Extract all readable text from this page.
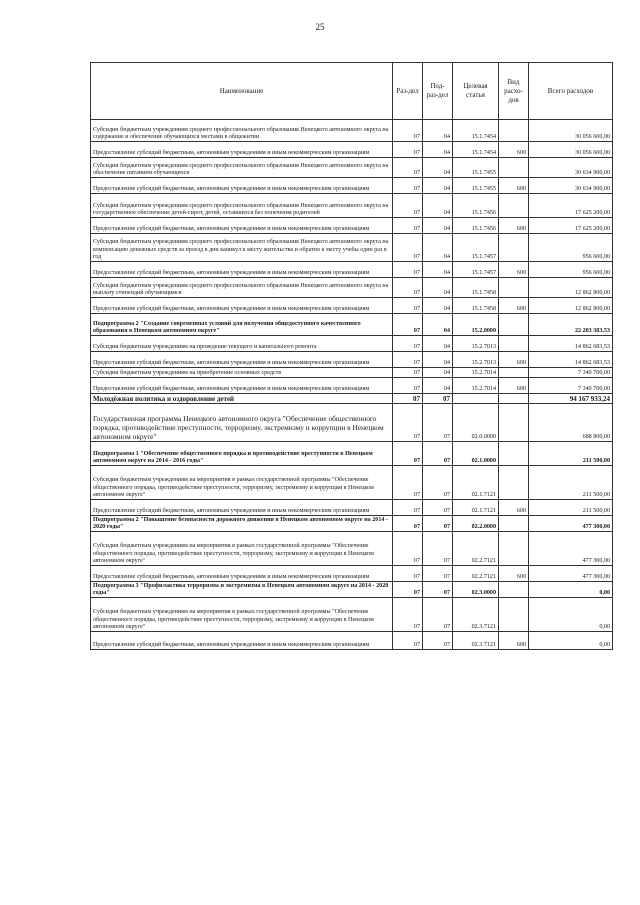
25
Наименование	Раз-дел	Под-раз-дел	Целевая статья	Вид расхо-дов	Всего расходов
Субсидии бюджетным учреждениям среднего профессионального образования Ненецкого автономного округа на содержание и обеспечение обучающихся местами в общежитии	07	04	15.1.7454		30 056 600,00
Предоставление субсидий бюджетным, автономным учреждениям и иным некоммерческим организациям	07	04	15.1.7454	600	30 056 600,00
Субсидии бюджетным учреждениям среднего профессионального образования Ненецкого автономного округа на обеспечение питанием обучающихся	07	04	15.1.7455		30 634 900,00
Предоставление субсидий бюджетным, автономным учреждениям и иным некоммерческим организациям	07	04	15.1.7455	600	30 634 900,00
Субсидии бюджетным учреждениям среднего профессионального образования Ненецкого автономного округа на государственное обеспечение детей-сирот, детей, оставшихся без попечения родителей	07	04	15.1.7456		17 625 200,00
Предоставление субсидий бюджетным, автономным учреждениям и иным некоммерческим организациям	07	04	15.1.7456	600	17 625 200,00
Субсидии бюджетным учреждениям среднего профессионального образования Ненецкого автономного округа на компенсацию денежных средств за проезд в дни каникул к месту жительства и обратно к месту учебы один раз в год	07	04	15.1.7457		956 600,00
Предоставление субсидий бюджетным, автономным учреждениям и иным некоммерческим организациям	07	04	15.1.7457	600	956 600,00
Субсидии бюджетным учреждениям среднего профессионального образования Ненецкого автономного округа на выплату стипендий обучающимся	07	04	15.1.7458		12 862 800,00
Предоставление субсидий бюджетным, автономным учреждениям и иным некоммерческим организациям	07	04	15.1.7458	600	12 862 800,00
Подпрограмма 2 "Создание современных условий для получения общедоступного качественного образования в Ненецком автономном округе"	07	04	15.2.0000		22 203 383,53
Субсидии бюджетным учреждениям на проведение текущего и капитального ремонта	07	04	15.2.7013		14 862 683,53
Предоставление субсидий бюджетным, автономным учреждениям и иным некоммерческим организациям	07	04	15.2.7013	600	14 862 683,53
Субсидии бюджетным учреждениям на приобретение основных средств	07	04	15.2.7014		7 340 700,00
Предоставление субсидий бюджетным, автономным учреждениям и иным некоммерческим организациям	07	04	15.2.7014	600	7 340 700,00
Молодёжная политика и оздоровление детей	07	07			94 167 933,24
Государственная программа Ненецкого автономного округа "Обеспечение общественного порядка, противодействие преступности, терроризму, экстремизму и коррупции в Ненецком автономном округе"	07	07	02.0.0000		688 800,00
Подпрограмма 1 "Обеспечение общественного порядка и противодействие преступности в Ненецком автономном округе на 2014 - 2016 годы"	07	07	02.1.0000		211 500,00
Субсидии бюджетным учреждениям на мероприятия в рамках государственной программы "Обеспечение общественного порядка, противодействие преступности, терроризму, экстремизму и коррупции в Ненецком автономном округе"	07	07	02.1.7121		211 500,00
Предоставление субсидий бюджетным, автономным учреждениям и иным некоммерческим организациям	07	07	02.1.7121	600	211 500,00
Подпрограмма 2 "Повышение безопасности дорожного движения в Ненецком автономном округе на 2014 - 2020 годы"	07	07	02.2.0000		477 300,00
Субсидии бюджетным учреждениям на мероприятия в рамках государственной программы "Обеспечение общественного порядка, противодействие преступности, терроризму, экстремизму и коррупции в Ненецком автономном округе"	07	07	02.2.7121		477 300,00
Предоставление субсидий бюджетным, автономным учреждениям и иным некоммерческим организациям	07	07	02.2.7121	600	477 300,00
Подпрограмма 3 "Профилактика терроризма и экстремизма в Ненецком автономном округе на 2014 - 2020 годы"	07	07	02.3.0000		0,00
Субсидии бюджетным учреждениям на мероприятия в рамках государственной программы "Обеспечение общественного порядка, противодействие преступности, терроризму, экстремизму и коррупции в Ненецком автономном округе"	07	07	02.3.7121		0,00
Предоставление субсидий бюджетным, автономным учреждениям и иным некоммерческим организациям	07	07	02.3.7121	600	0,00
